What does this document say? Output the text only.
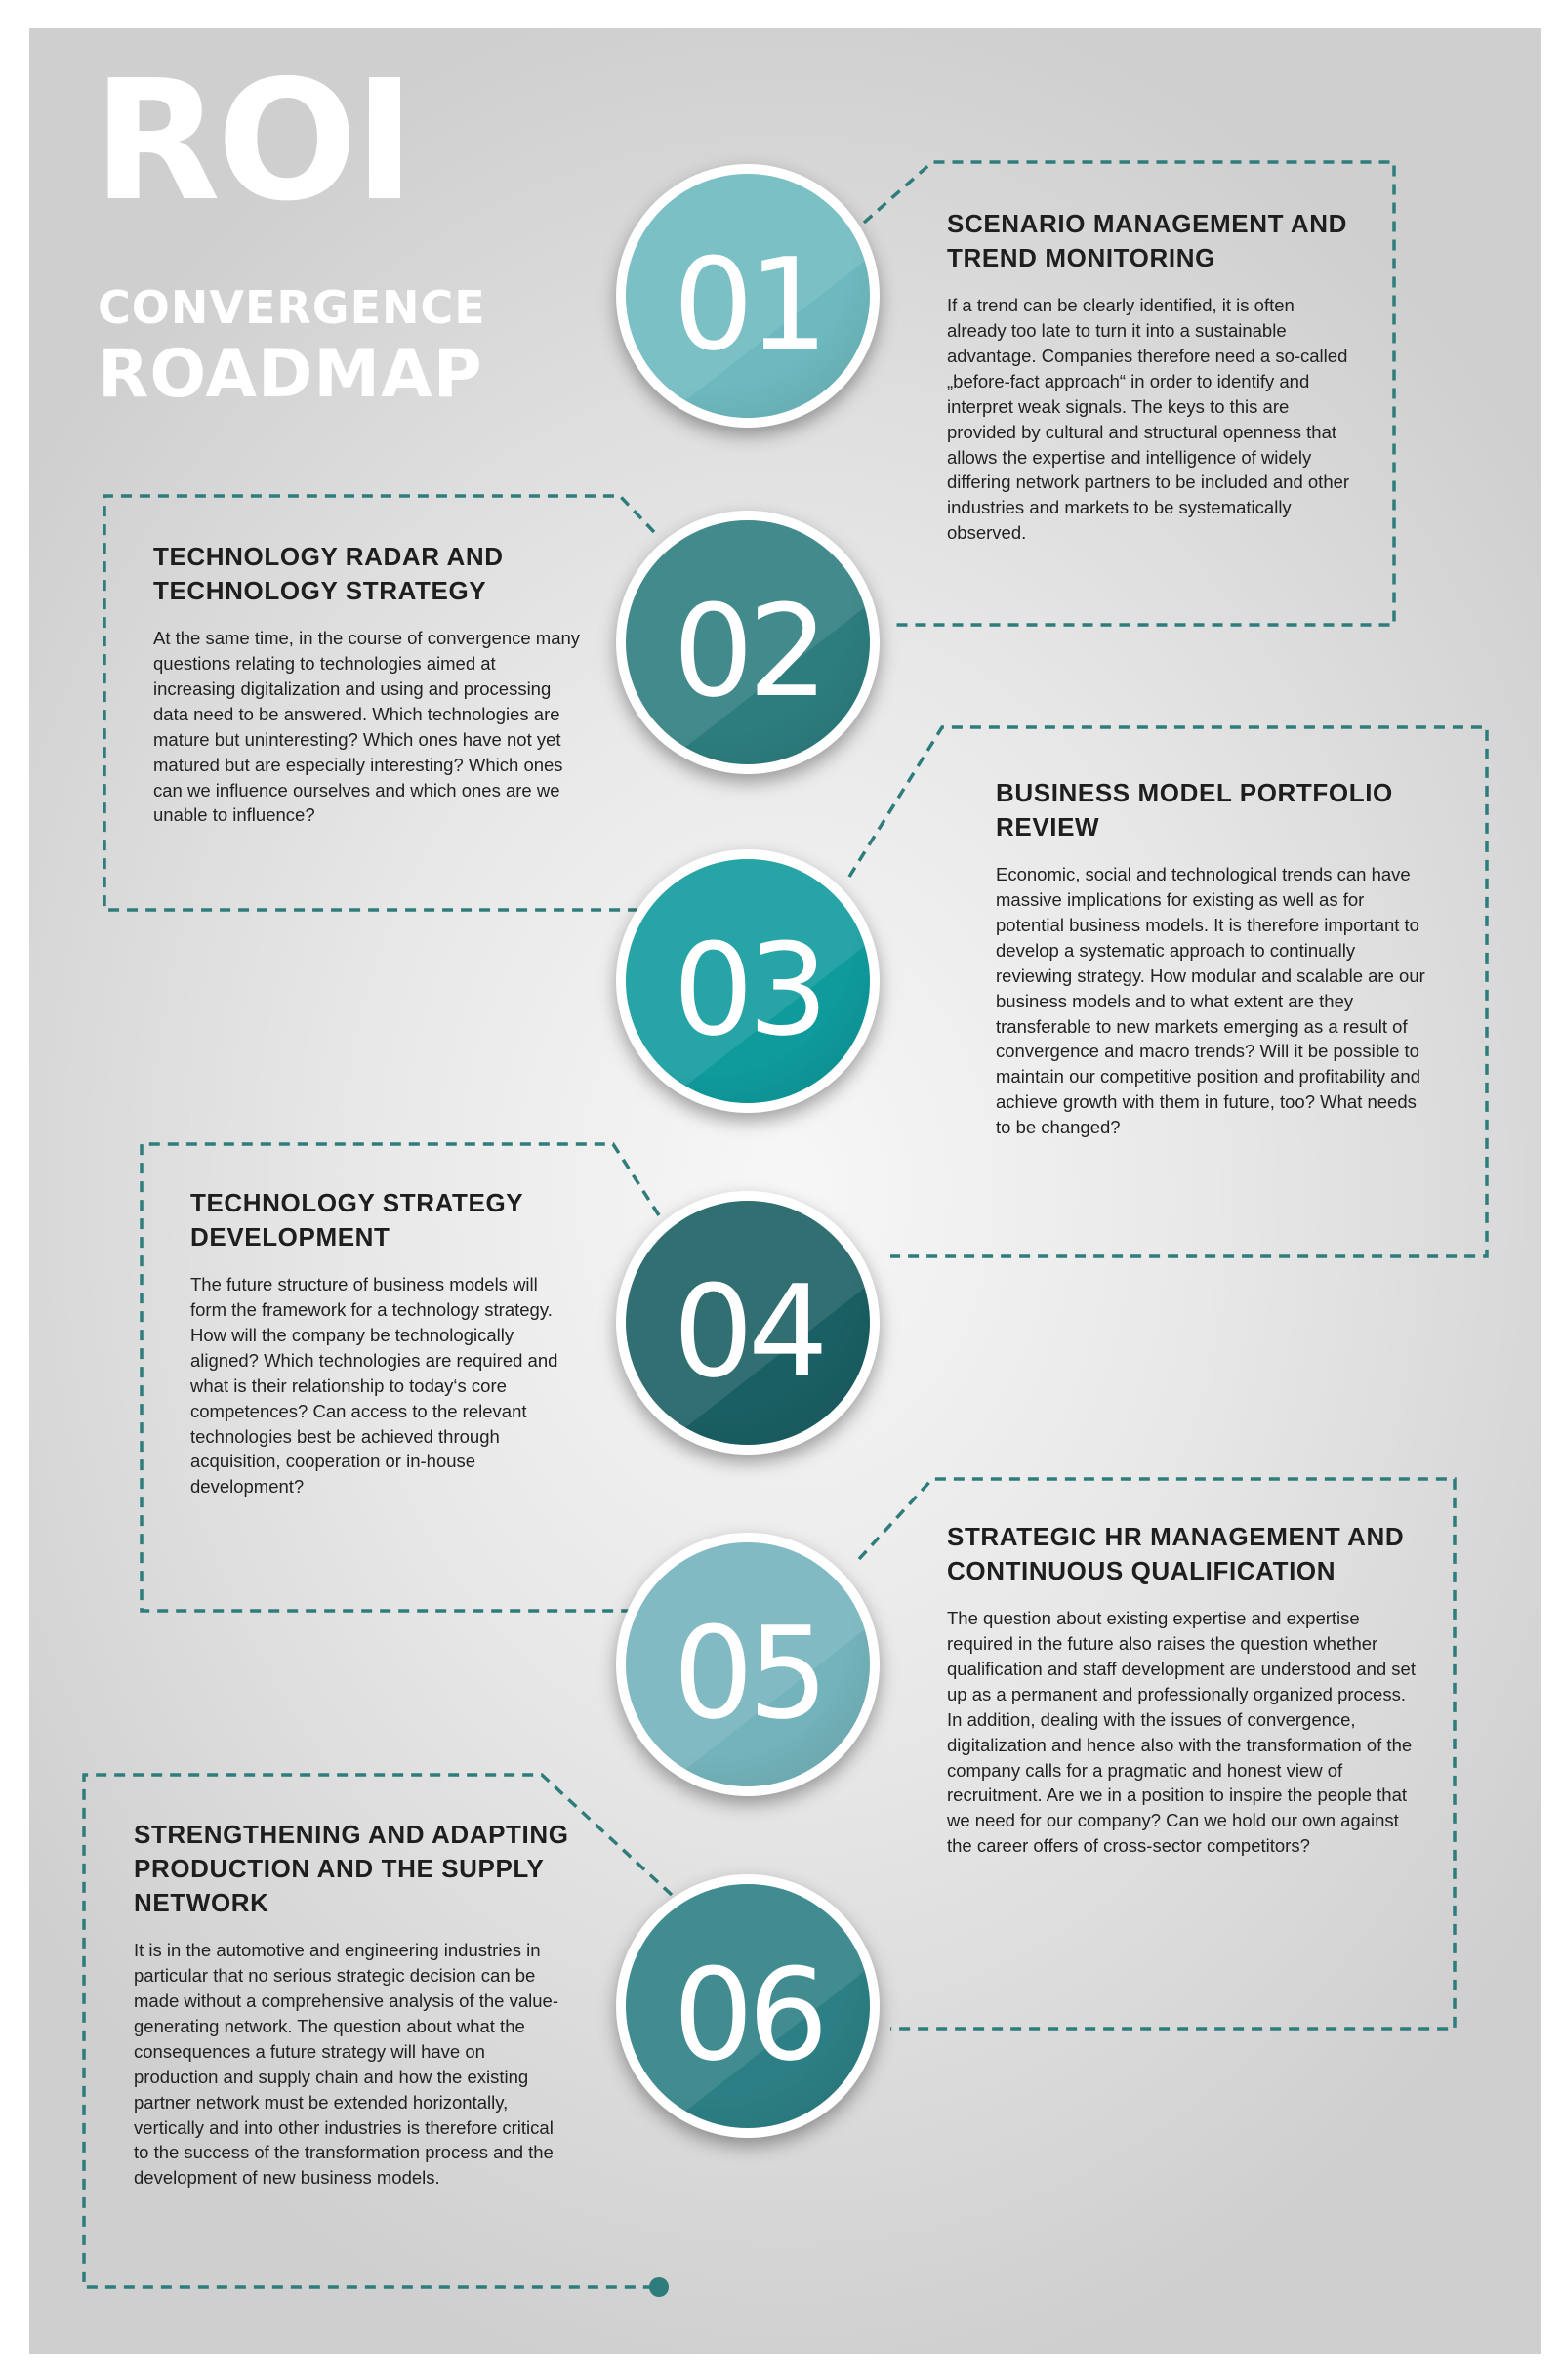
ROI
CONVERGENCE
ROADMAP 01
02
03
04
05
06
SCENARIO MANAGEMENT AND TREND MONITORING

If a trend can be clearly identified, it is often already too late to turn it into a sustainable advantage. Companies therefore need a so-called „before-fact approach“ in order to identify and interpret weak signals. The keys to this are provided by cultural and structural openness that allows the expertise and intelligence of widely differing network partners to be included and other industries and markets to be systematically observed.

TECHNOLOGY RADAR AND TECHNOLOGY STRATEGY

At the same time, in the course of convergence many questions relating to technologies aimed at increasing digitalization and using and processing data need to be answered. Which technologies are mature but uninteresting? Which ones have not yet matured but are especially interesting? Which ones can we influence ourselves and which ones are we unable to influence?

BUSINESS MODEL PORTFOLIO REVIEW

Economic, social and technological trends can have massive implications for existing as well as for potential business models. It is therefore important to develop a systematic approach to continually reviewing strategy. How modular and scalable are our business models and to what extent are they transferable to new markets emerging as a result of convergence and macro trends? Will it be possible to maintain our competitive position and profitability and achieve growth with them in future, too? What needs to be changed?

TECHNOLOGY STRATEGY DEVELOPMENT

The future structure of business models will form the framework for a technology strategy. How will the company be technologically aligned? Which technologies are required and what is their relationship to today‘s core competences? Can access to the relevant technologies best be achieved through acquisition, cooperation or in-house development?

STRATEGIC HR MANAGEMENT AND CONTINUOUS QUALIFICATION

The question about existing expertise and expertise required in the future also raises the question whether qualification and staff development are understood and set up as a permanent and professionally organized process. In addition, dealing with the issues of convergence, digitalization and hence also with the transformation of the company calls for a pragmatic and honest view of recruitment. Are we in a position to inspire the people that we need for our company? Can we hold our own against the career offers of cross-sector competitors?

STRENGTHENING AND ADAPTING PRODUCTION AND THE SUPPLY NETWORK

It is in the automotive and engineering industries in particular that no serious strategic decision can be made without a comprehensive analysis of the value-generating network. The question about what the consequences a future strategy will have on production and supply chain and how the existing partner network must be extended horizontally, vertically and into other industries is therefore critical to the success of the transformation process and the development of new business models.
